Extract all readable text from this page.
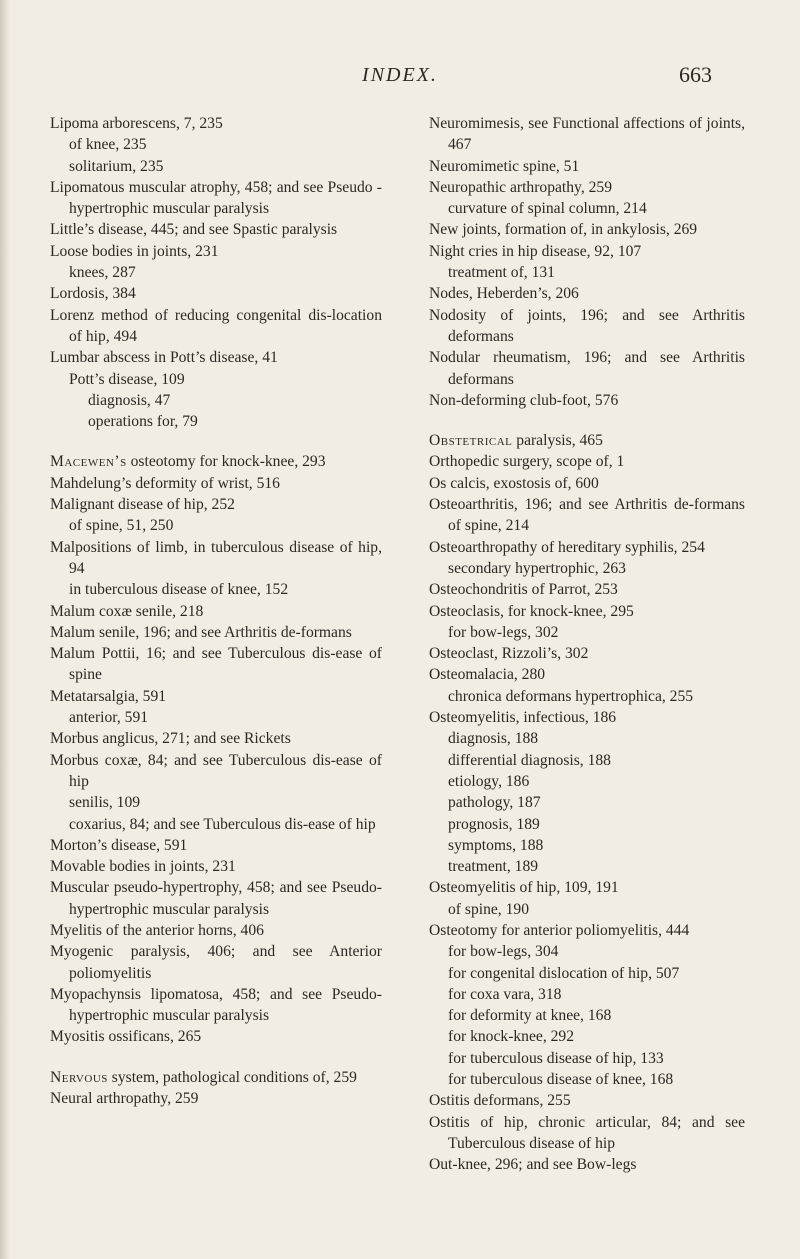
INDEX.	663
Lipoma arborescens, 7, 235
of knee, 235
solitarium, 235
Lipomatous muscular atrophy, 458; and see Pseudo - hypertrophic muscular paralysis
Little’s disease, 445; and see Spastic paralysis
Loose bodies in joints, 231
knees, 287
Lordosis, 384
Lorenz method of reducing congenital dis-location of hip, 494
Lumbar abscess in Pott’s disease, 41
Pott’s disease, 109
diagnosis, 47
operations for, 79
Macewen’s osteotomy for knock-knee, 293
Mahdelung’s deformity of wrist, 516
Malignant disease of hip, 252
of spine, 51, 250
Malpositions of limb, in tuberculous disease of hip, 94
in tuberculous disease of knee, 152
Malum coxæ senile, 218
Malum senile, 196; and see Arthritis de-formans
Malum Pottii, 16; and see Tuberculous dis-ease of spine
Metatarsalgia, 591
anterior, 591
Morbus anglicus, 271; and see Rickets
Morbus coxæ, 84; and see Tuberculous dis-ease of hip
senilis, 109
coxarius, 84; and see Tuberculous dis-ease of hip
Morton’s disease, 591
Movable bodies in joints, 231
Muscular pseudo-hypertrophy, 458; and see Pseudo-hypertrophic muscular paralysis
Myelitis of the anterior horns, 406
Myogenic paralysis, 406; and see Anterior poliomyelitis
Myopachynsis lipomatosa, 458; and see Pseudo-hypertrophic muscular paralysis
Myositis ossificans, 265
Nervous system, pathological conditions of, 259
Neural arthropathy, 259
Neuromimesis, see Functional affections of joints, 467
Neuromimetic spine, 51
Neuropathic arthropathy, 259
curvature of spinal column, 214
New joints, formation of, in ankylosis, 269
Night cries in hip disease, 92, 107
treatment of, 131
Nodes, Heberden’s, 206
Nodosity of joints, 196; and see Arthritis deformans
Nodular rheumatism, 196; and see Arthritis deformans
Non-deforming club-foot, 576
Obstetrical paralysis, 465
Orthopedic surgery, scope of, 1
Os calcis, exostosis of, 600
Osteoarthritis, 196; and see Arthritis de-formans of spine, 214
Osteoarthropathy of hereditary syphilis, 254
secondary hypertrophic, 263
Osteochondritis of Parrot, 253
Osteoclasis, for knock-knee, 295
for bow-legs, 302
Osteoclast, Rizzoli’s, 302
Osteomalacia, 280
chronica deformans hypertrophica, 255
Osteomyelitis, infectious, 186
diagnosis, 188
differential diagnosis, 188
etiology, 186
pathology, 187
prognosis, 189
symptoms, 188
treatment, 189
Osteomyelitis of hip, 109, 191
of spine, 190
Osteotomy for anterior poliomyelitis, 444
for bow-legs, 304
for congenital dislocation of hip, 507
for coxa vara, 318
for deformity at knee, 168
for knock-knee, 292
for tuberculous disease of hip, 133
for tuberculous disease of knee, 168
Ostitis deformans, 255
Ostitis of hip, chronic articular, 84; and see Tuberculous disease of hip
Out-knee, 296; and see Bow-legs
